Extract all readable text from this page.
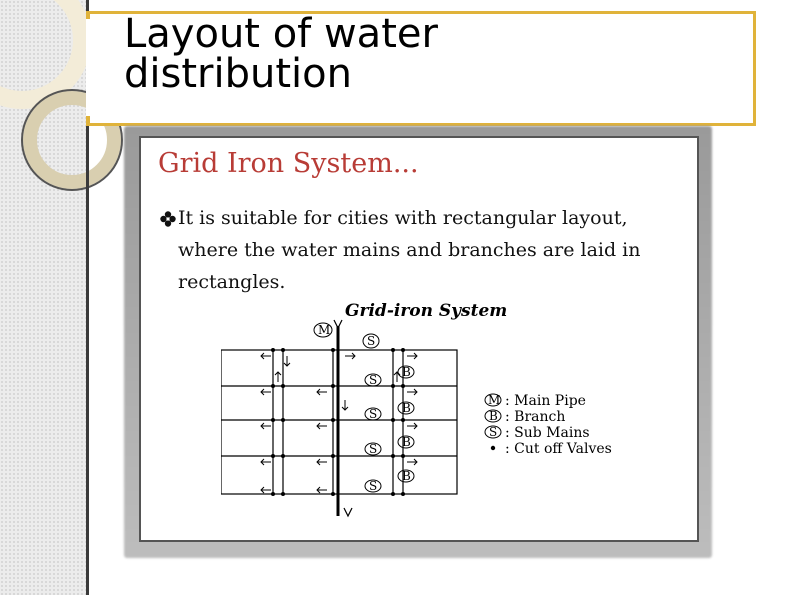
Layout of water
distribution
Grid Iron System...
It is suitable for cities with rectangular layout,
where the water mains and branches are laid in
rectangles.
Grid-iron System
M
S
S
S
S
S
B
B
B
B
M : Main Pipe
B : Branch
S : Sub Mains
: Cut off Valves
